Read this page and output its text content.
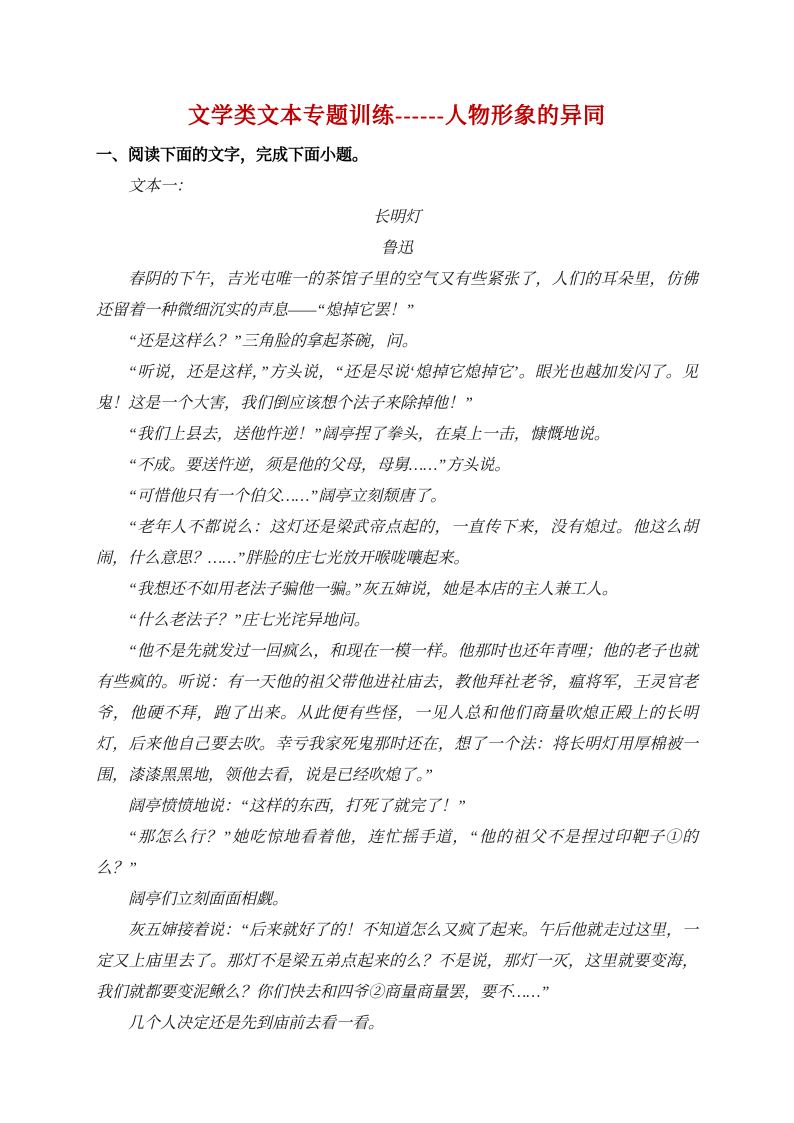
文学类文本专题训练------人物形象的异同
一、阅读下面的文字，完成下面小题。

文本一：

长明灯

鲁迅

春阴的下午，吉光屯唯一的茶馆子里的空气又有些紧张了，人们的耳朵里，仿佛还留着一种微细沉实的声息——“熄掉它罢！”

“还是这样么？”三角脸的拿起茶碗，问。

“听说，还是这样，”方头说，“还是尽说‘熄掉它熄掉它’。眼光也越加发闪了。见鬼！这是一个大害，我们倒应该想个法子来除掉他！”

“我们上县去，送他忤逆！”阔亭捏了拳头，在桌上一击，慷慨地说。

“不成。要送忤逆，须是他的父母，母舅……”方头说。

“可惜他只有一个伯父……”阔亭立刻颓唐了。

“老年人不都说么：这灯还是梁武帝点起的，一直传下来，没有熄过。他这么胡闹，什么意思？……”胖脸的庄七光放开喉咙嚷起来。

“我想还不如用老法子骗他一骗。”灰五婶说，她是本店的主人兼工人。

“什么老法子？”庄七光诧异地问。

“他不是先就发过一回疯么，和现在一模一样。他那时也还年青哩；他的老子也就有些疯的。听说：有一天他的祖父带他进社庙去，教他拜社老爷，瘟将军，王灵官老爷，他硬不拜，跑了出来。从此便有些怪，一见人总和他们商量吹熄正殿上的长明灯，后来他自己要去吹。幸亏我家死鬼那时还在，想了一个法：将长明灯用厚棉被一围，漆漆黑黑地，领他去看，说是已经吹熄了。”

阔亭愤愤地说：“这样的东西，打死了就完了！”

“那怎么行？”她吃惊地看着他，连忙摇手道，“他的祖父不是捏过印靶子①的么？”

阔亭们立刻面面相觑。

灰五婶接着说：“后来就好了的！不知道怎么又疯了起来。午后他就走过这里，一定又上庙里去了。那灯不是梁五弟点起来的么？不是说，那灯一灭，这里就要变海，我们就都要变泥鳅么？你们快去和四爷②商量商量罢，要不……”

几个人决定还是先到庙前去看一看。
